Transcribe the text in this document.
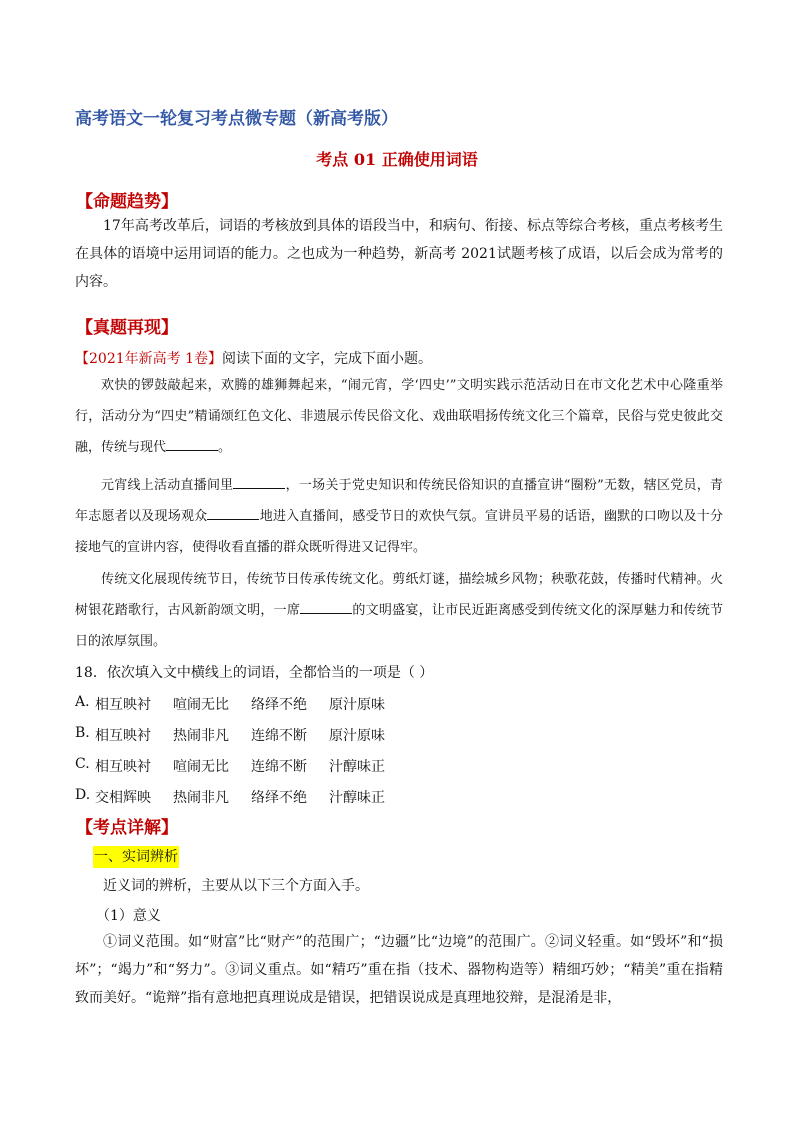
高考语文一轮复习考点微专题（新高考版）
考点 01 正确使用词语
【命题趋势】
17年高考改革后，词语的考核放到具体的语段当中，和病句、衔接、标点等综合考核，重点考核考生在具体的语境中运用词语的能力。之也成为一种趋势，新高考 2021试题考核了成语，以后会成为常考的内容。
【真题再现】
【2021年新高考 1卷】阅读下面的文字，完成下面小题。
欢快的锣鼓敲起来，欢腾的雄狮舞起来，“闹元宵，学‘四史’”文明实践示范活动日在市文化艺术中心隆重举行，活动分为“四史”精诵颂红色文化、非遗展示传民俗文化、戏曲联唱扬传统文化三个篇章，民俗与党史彼此交融，传统与现代	。
元宵线上活动直播间里	，一场关于党史知识和传统民俗知识的直播宣讲“圈粉”无数，辖区党员，青年志愿者以及现场观众	地进入直播间，感受节日的欢快气氛。宣讲员平易的话语，幽默的口吻以及十分接地气的宣讲内容，使得收看直播的群众既听得进又记得牢。
传统文化展现传统节日，传统节日传承传统文化。剪纸灯谜，描绘城乡风物；秧歌花鼓，传播时代精神。火树银花踏歌行，古风新韵颂文明，一席	的文明盛宴，让市民近距离感受到传统文化的深厚魅力和传统节日的浓厚氛围。
18．依次填入文中横线上的词语，全都恰当的一项是（ ）
A. 相互映衬	喧闹无比	络绎不绝	原汁原味
B. 相互映衬	热闹非凡	连绵不断	原汁原味
C. 相互映衬	喧闹无比	连绵不断	汁醇味正
D. 交相辉映	热闹非凡	络绎不绝	汁醇味正
【考点详解】
一、实词辨析
近义词的辨析，主要从以下三个方面入手。
（1）意义
①词义范围。如“财富”比“财产”的范围广；“边疆”比“边境”的范围广。②词义轻重。如“毁坏”和“损坏”；“竭力”和“努力”。③词义重点。如“精巧”重在指（技术、器物构造等）精细巧妙；“精美”重在指精致而美好。“诡辩”指有意地把真理说成是错误，把错误说成是真理地狡辩，是混淆是非，
